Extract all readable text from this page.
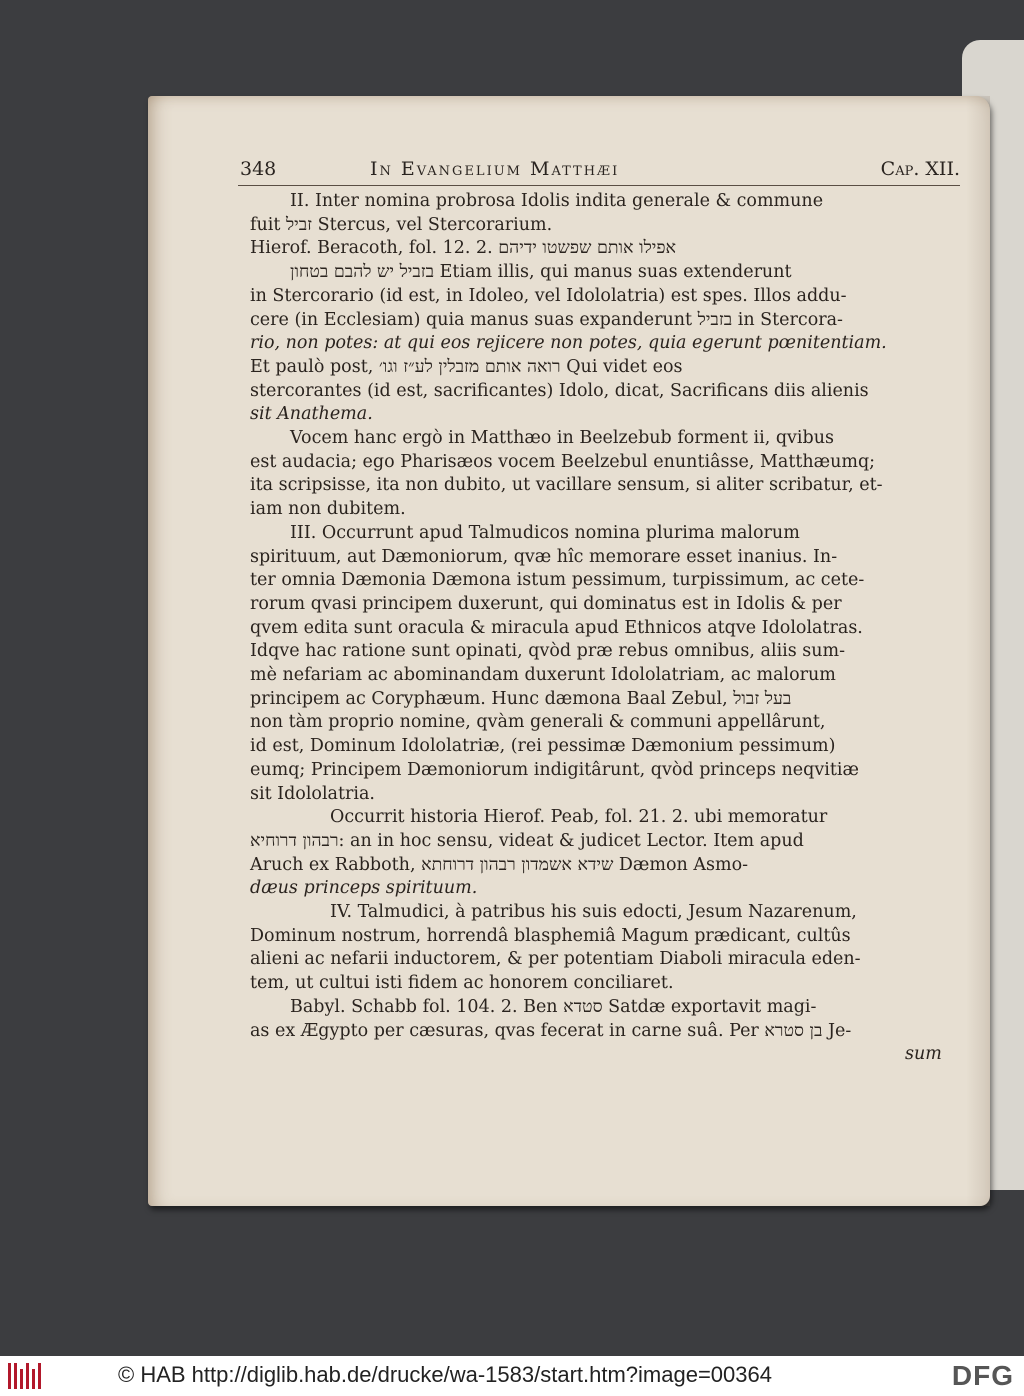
348	In Evangelium Matthæi	Cap. XII.
II. Inter nomina probrosa Idolis indita generale & commune
fuit זביל Stercus, vel Stercorarium.
Hierof. Beracoth, fol. 12. 2. אפילו אותם שפשטו ידיהם
בזביל יש להבם בטחון Etiam illis, qui manus suas extenderunt
in Stercorario (id est, in Idoleo, vel Idololatria) est spes. Illos addu-
cere (in Ecclesiam) quia manus suas expanderunt בזביל in Stercora-
rio, non potes: at qui eos rejicere non potes, quia egerunt pœnitentiam.
Et paulò post, רואה אותם מזבלין לע״ז וגו׳ Qui videt eos
stercorantes (id est, sacrificantes) Idolo, dicat, Sacrificans diis alienis
sit Anathema.
Vocem hanc ergò in Matthæo in Beelzebub forment ii, qvibus
est audacia; ego Pharisæos vocem Beelzebul enuntiâsse, Matthæumq;
ita scripsisse, ita non dubito, ut vacillare sensum, si aliter scribatur, et-
iam non dubitem.
III. Occurrunt apud Talmudicos nomina plurima malorum
spirituum, aut Dæmoniorum, qvæ hîc memorare esset inanius. In-
ter omnia Dæmonia Dæmona istum pessimum, turpissimum, ac cete-
rorum qvasi principem duxerunt, qui dominatus est in Idolis & per
qvem edita sunt oracula & miracula apud Ethnicos atqve Idololatras.
Idqve hac ratione sunt opinati, qvòd præ rebus omnibus, aliis sum-
mè nefariam ac abominandam duxerunt Idololatriam, ac malorum
principem ac Coryphæum. Hunc dæmona Baal Zebul, בעל זבול
non tàm proprio nomine, qvàm generali & communi appellârunt,
id est, Dominum Idololatriæ, (rei pessimæ Dæmonium pessimum)
eumq; Principem Dæmoniorum indigitârunt, qvòd princeps neqvitiæ
sit Idololatria.
Occurrit historia Hierof. Peab, fol. 21. 2. ubi memoratur
רבהון דרוחיא: an in hoc sensu, videat & judicet Lector. Item apud
Aruch ex Rabboth, שידא אשמדון רבהון דרוחתא Dæmon Asmo-
dæus princeps spirituum.
IV. Talmudici, à patribus his suis edocti, Jesum Nazarenum,
Dominum nostrum, horrendâ blasphemiâ Magum prædicant, cultûs
alieni ac nefarii inductorem, & per potentiam Diaboli miracula eden-
tem, ut cultui isti fidem ac honorem conciliaret.
Babyl. Schabb fol. 104. 2. Ben סטדא Satdæ exportavit magi-
as ex Ægypto per cæsuras, qvas fecerat in carne suâ. Per בן סטרא Je-
sum
© HAB http://diglib.hab.de/drucke/wa-1583/start.htm?image=00364	DFG
